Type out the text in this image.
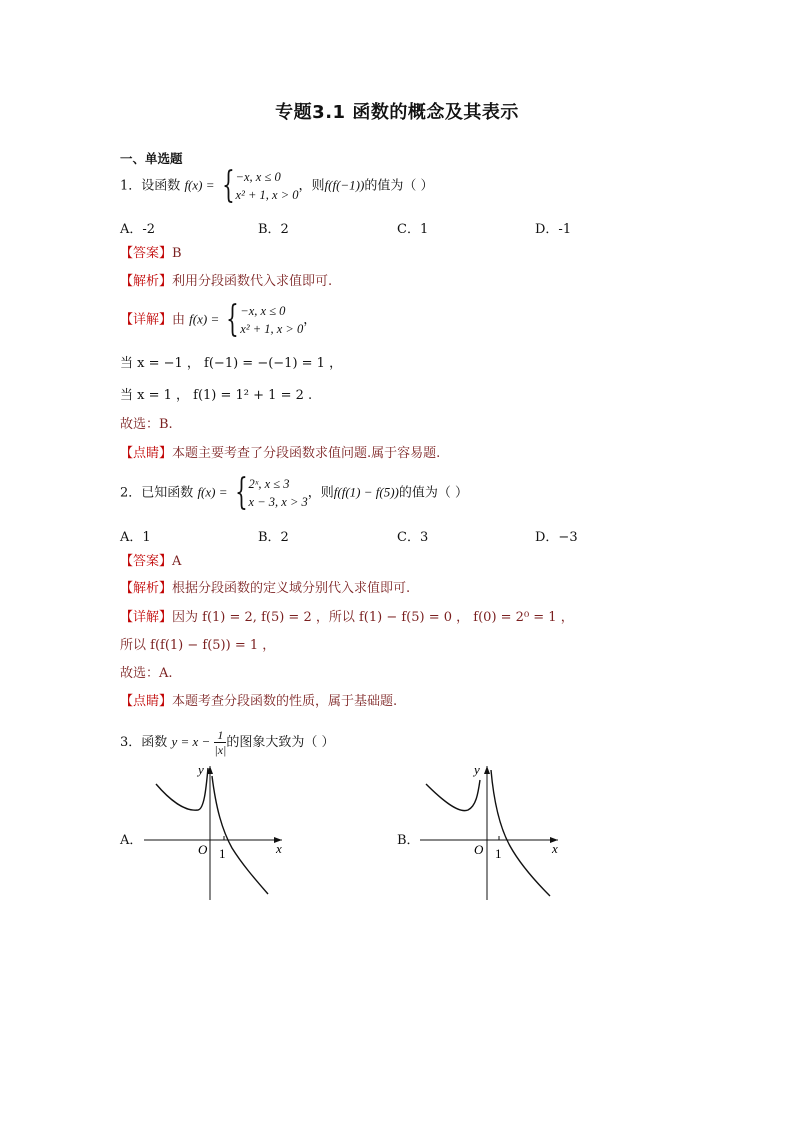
专题3.1 函数的概念及其表示
一、单选题
1．设函数 f(x) = { −x, x ≤ 0
x² + 1, x > 0
，则f(f(−1))的值为（ ）
A．-2	B．2	C．1	D．-1
【答案】B
【解析】利用分段函数代入求值即可.
【详解】由 f(x) = { −x, x ≤ 0
x² + 1, x > 0
，
当 x = −1 ， f(−1) = −(−1) = 1 ，
当 x = 1 ， f(1) = 1² + 1 = 2 .
故选：B.
【点睛】本题主要考查了分段函数求值问题.属于容易题.
2．已知函数 f(x) = { 2ˣ, x ≤ 3
x − 3, x > 3
，则f(f(1) − f(5))的值为（ ）
A．1	B．2	C．3	D．−3
【答案】A
【解析】根据分段函数的定义域分别代入求值即可.
【详解】因为 f(1) = 2, f(5) = 2 ，所以 f(1) − f(5) = 0 ， f(0) = 2⁰ = 1 ，
所以 f(f(1) − f(5)) = 1 ，
故选：A.
【点睛】本题考查分段函数的性质，属于基础题.
3．函数 $y = x - \frac{1}{|x|}$ 的图象大致为（ ）
A．
O 1	x
y
B．
O 1	x
y
